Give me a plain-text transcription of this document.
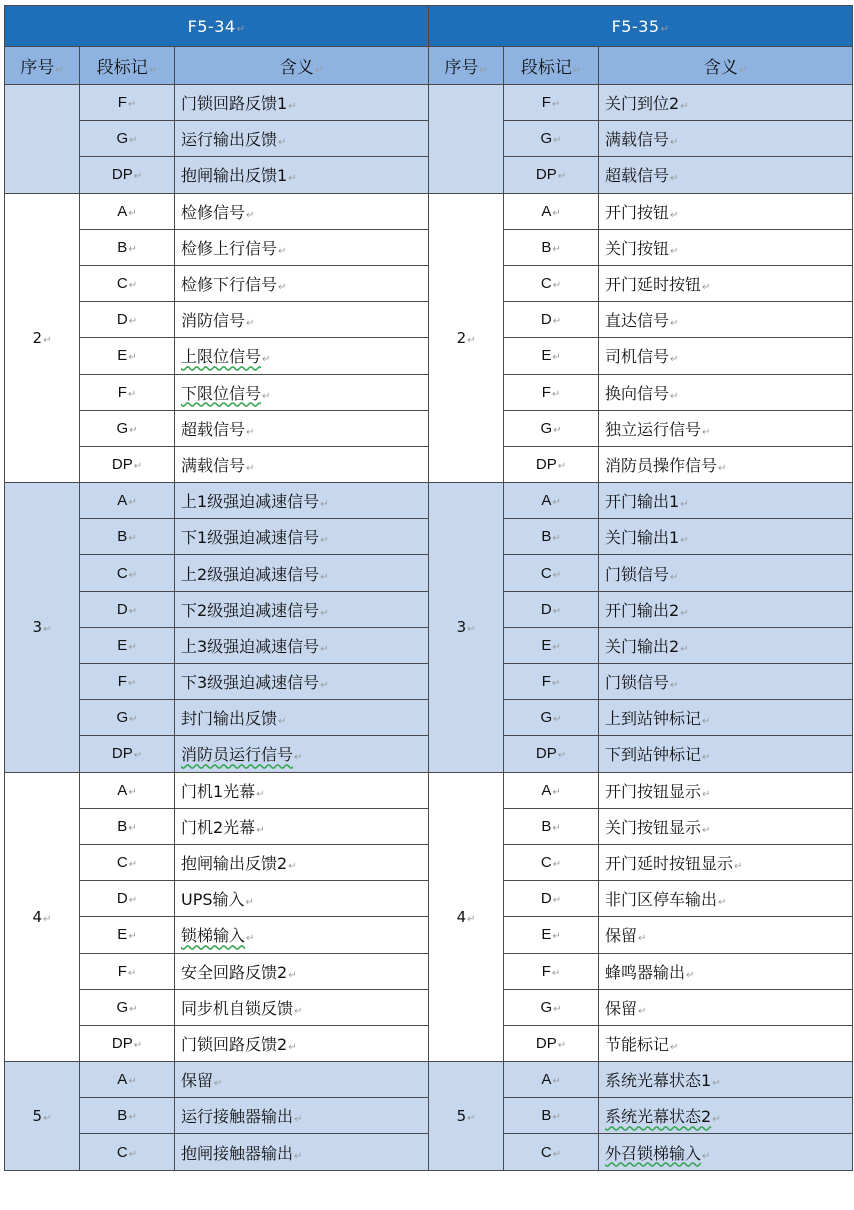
F5-34↵			F5-35↵		
序号↵	段标记↵	含义↵	序号↵	段标记↵	含义↵
	F↵	门锁回路反馈1↵		F↵	关门到位2↵
	G↵	运行输出反馈↵		G↵	满载信号↵
	DP↵	抱闸输出反馈1↵		DP↵	超载信号↵
2↵	A↵	检修信号↵	2↵	A↵	开门按钮↵
	B↵	检修上行信号↵		B↵	关门按钮↵
	C↵	检修下行信号↵		C↵	开门延时按钮↵
	D↵	消防信号↵		D↵	直达信号↵
	E↵	上限位信号↵		E↵	司机信号↵
	F↵	下限位信号↵		F↵	换向信号↵
	G↵	超载信号↵		G↵	独立运行信号↵
	DP↵	满载信号↵		DP↵	消防员操作信号↵
3↵	A↵	上1级强迫减速信号↵	3↵	A↵	开门输出1↵
	B↵	下1级强迫减速信号↵		B↵	关门输出1↵
	C↵	上2级强迫减速信号↵		C↵	门锁信号↵
	D↵	下2级强迫减速信号↵		D↵	开门输出2↵
	E↵	上3级强迫减速信号↵		E↵	关门输出2↵
	F↵	下3级强迫减速信号↵		F↵	门锁信号↵
	G↵	封门输出反馈↵		G↵	上到站钟标记↵
	DP↵	消防员运行信号↵		DP↵	下到站钟标记↵
4↵	A↵	门机1光幕↵	4↵	A↵	开门按钮显示↵
	B↵	门机2光幕↵		B↵	关门按钮显示↵
	C↵	抱闸输出反馈2↵		C↵	开门延时按钮显示↵
	D↵	UPS输入↵		D↵	非门区停车输出↵
	E↵	锁梯输入↵		E↵	保留↵
	F↵	安全回路反馈2↵		F↵	蜂鸣器输出↵
	G↵	同步机自锁反馈↵		G↵	保留↵
	DP↵	门锁回路反馈2↵		DP↵	节能标记↵
5↵	A↵	保留↵	5↵	A↵	系统光幕状态1↵
	B↵	运行接触器输出↵		B↵	系统光幕状态2↵
	C↵	抱闸接触器输出↵		C↵	外召锁梯输入↵
